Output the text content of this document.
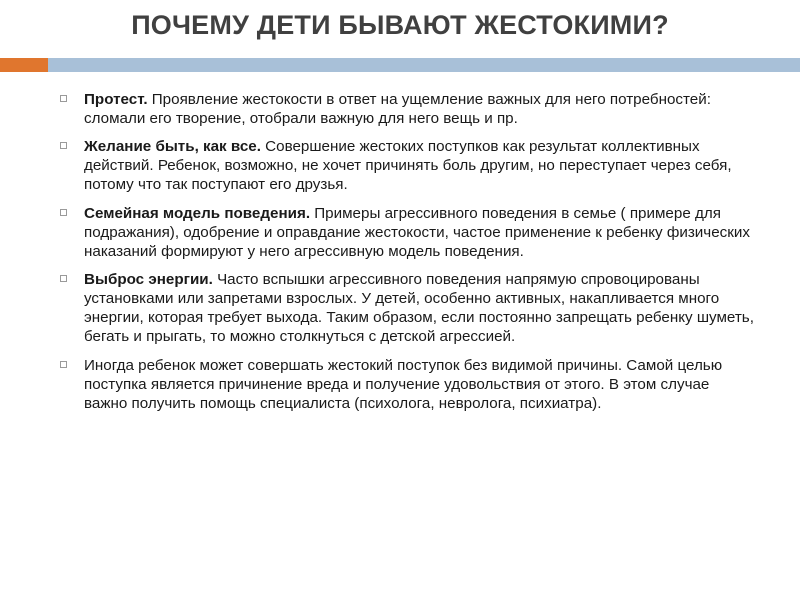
ПОЧЕМУ ДЕТИ БЫВАЮТ ЖЕСТОКИМИ?
Протест. Проявление жестокости в ответ на ущемление важных для него потребностей: сломали его творение, отобрали важную для него вещь и пр.
Желание быть, как все. Совершение жестоких поступков как результат коллективных действий. Ребенок, возможно, не хочет причинять боль другим, но переступает через себя, потому что так поступают его друзья.
Семейная модель поведения. Примеры агрессивного поведения в семье ( примере для подражания), одобрение и оправдание жестокости, частое применение к ребенку физических наказаний формируют у него агрессивную модель поведения.
Выброс энергии. Часто вспышки агрессивного поведения напрямую спровоцированы установками или запретами взрослых. У детей, особенно активных, накапливается много энергии, которая требует выхода. Таким образом, если постоянно запрещать ребенку шуметь, бегать и прыгать, то можно столкнуться с детской агрессией.
Иногда ребенок может совершать жестокий поступок без видимой причины. Самой целью поступка является причинение вреда и получение удовольствия от этого. В этом случае важно получить помощь специалиста (психолога, невролога, психиатра).
